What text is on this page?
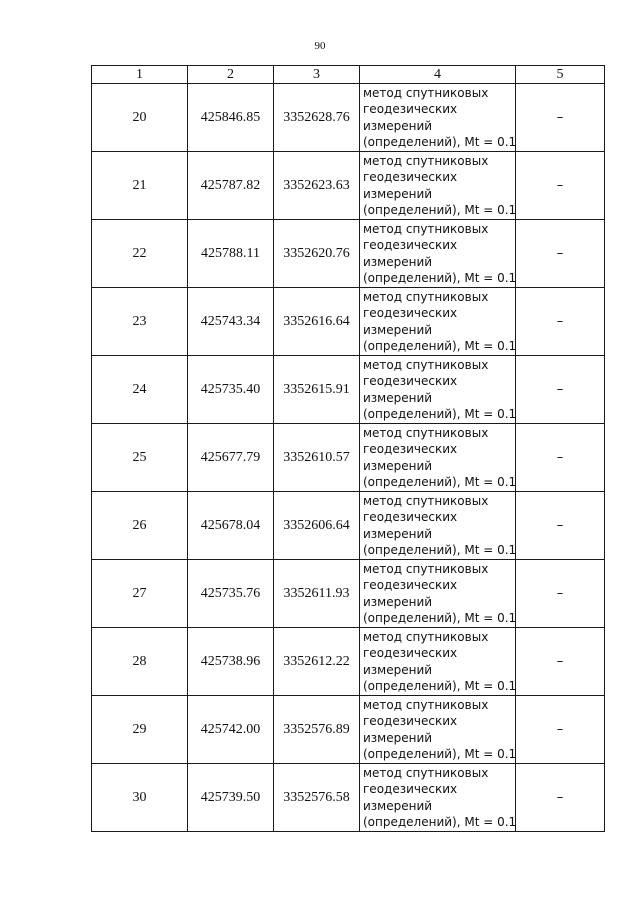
90
1	2	3	4	5
20	425846.85	3352628.76	метод спутниковых
геодезических
измерений
(определений), Mt = 0.1	–
21	425787.82	3352623.63	метод спутниковых
геодезических
измерений
(определений), Mt = 0.1	–
22	425788.11	3352620.76	метод спутниковых
геодезических
измерений
(определений), Mt = 0.1	–
23	425743.34	3352616.64	метод спутниковых
геодезических
измерений
(определений), Mt = 0.1	–
24	425735.40	3352615.91	метод спутниковых
геодезических
измерений
(определений), Mt = 0.1	–
25	425677.79	3352610.57	метод спутниковых
геодезических
измерений
(определений), Mt = 0.1	–
26	425678.04	3352606.64	метод спутниковых
геодезических
измерений
(определений), Mt = 0.1	–
27	425735.76	3352611.93	метод спутниковых
геодезических
измерений
(определений), Mt = 0.1	–
28	425738.96	3352612.22	метод спутниковых
геодезических
измерений
(определений), Mt = 0.1	–
29	425742.00	3352576.89	метод спутниковых
геодезических
измерений
(определений), Mt = 0.1	–
30	425739.50	3352576.58	метод спутниковых
геодезических
измерений
(определений), Mt = 0.1	–
